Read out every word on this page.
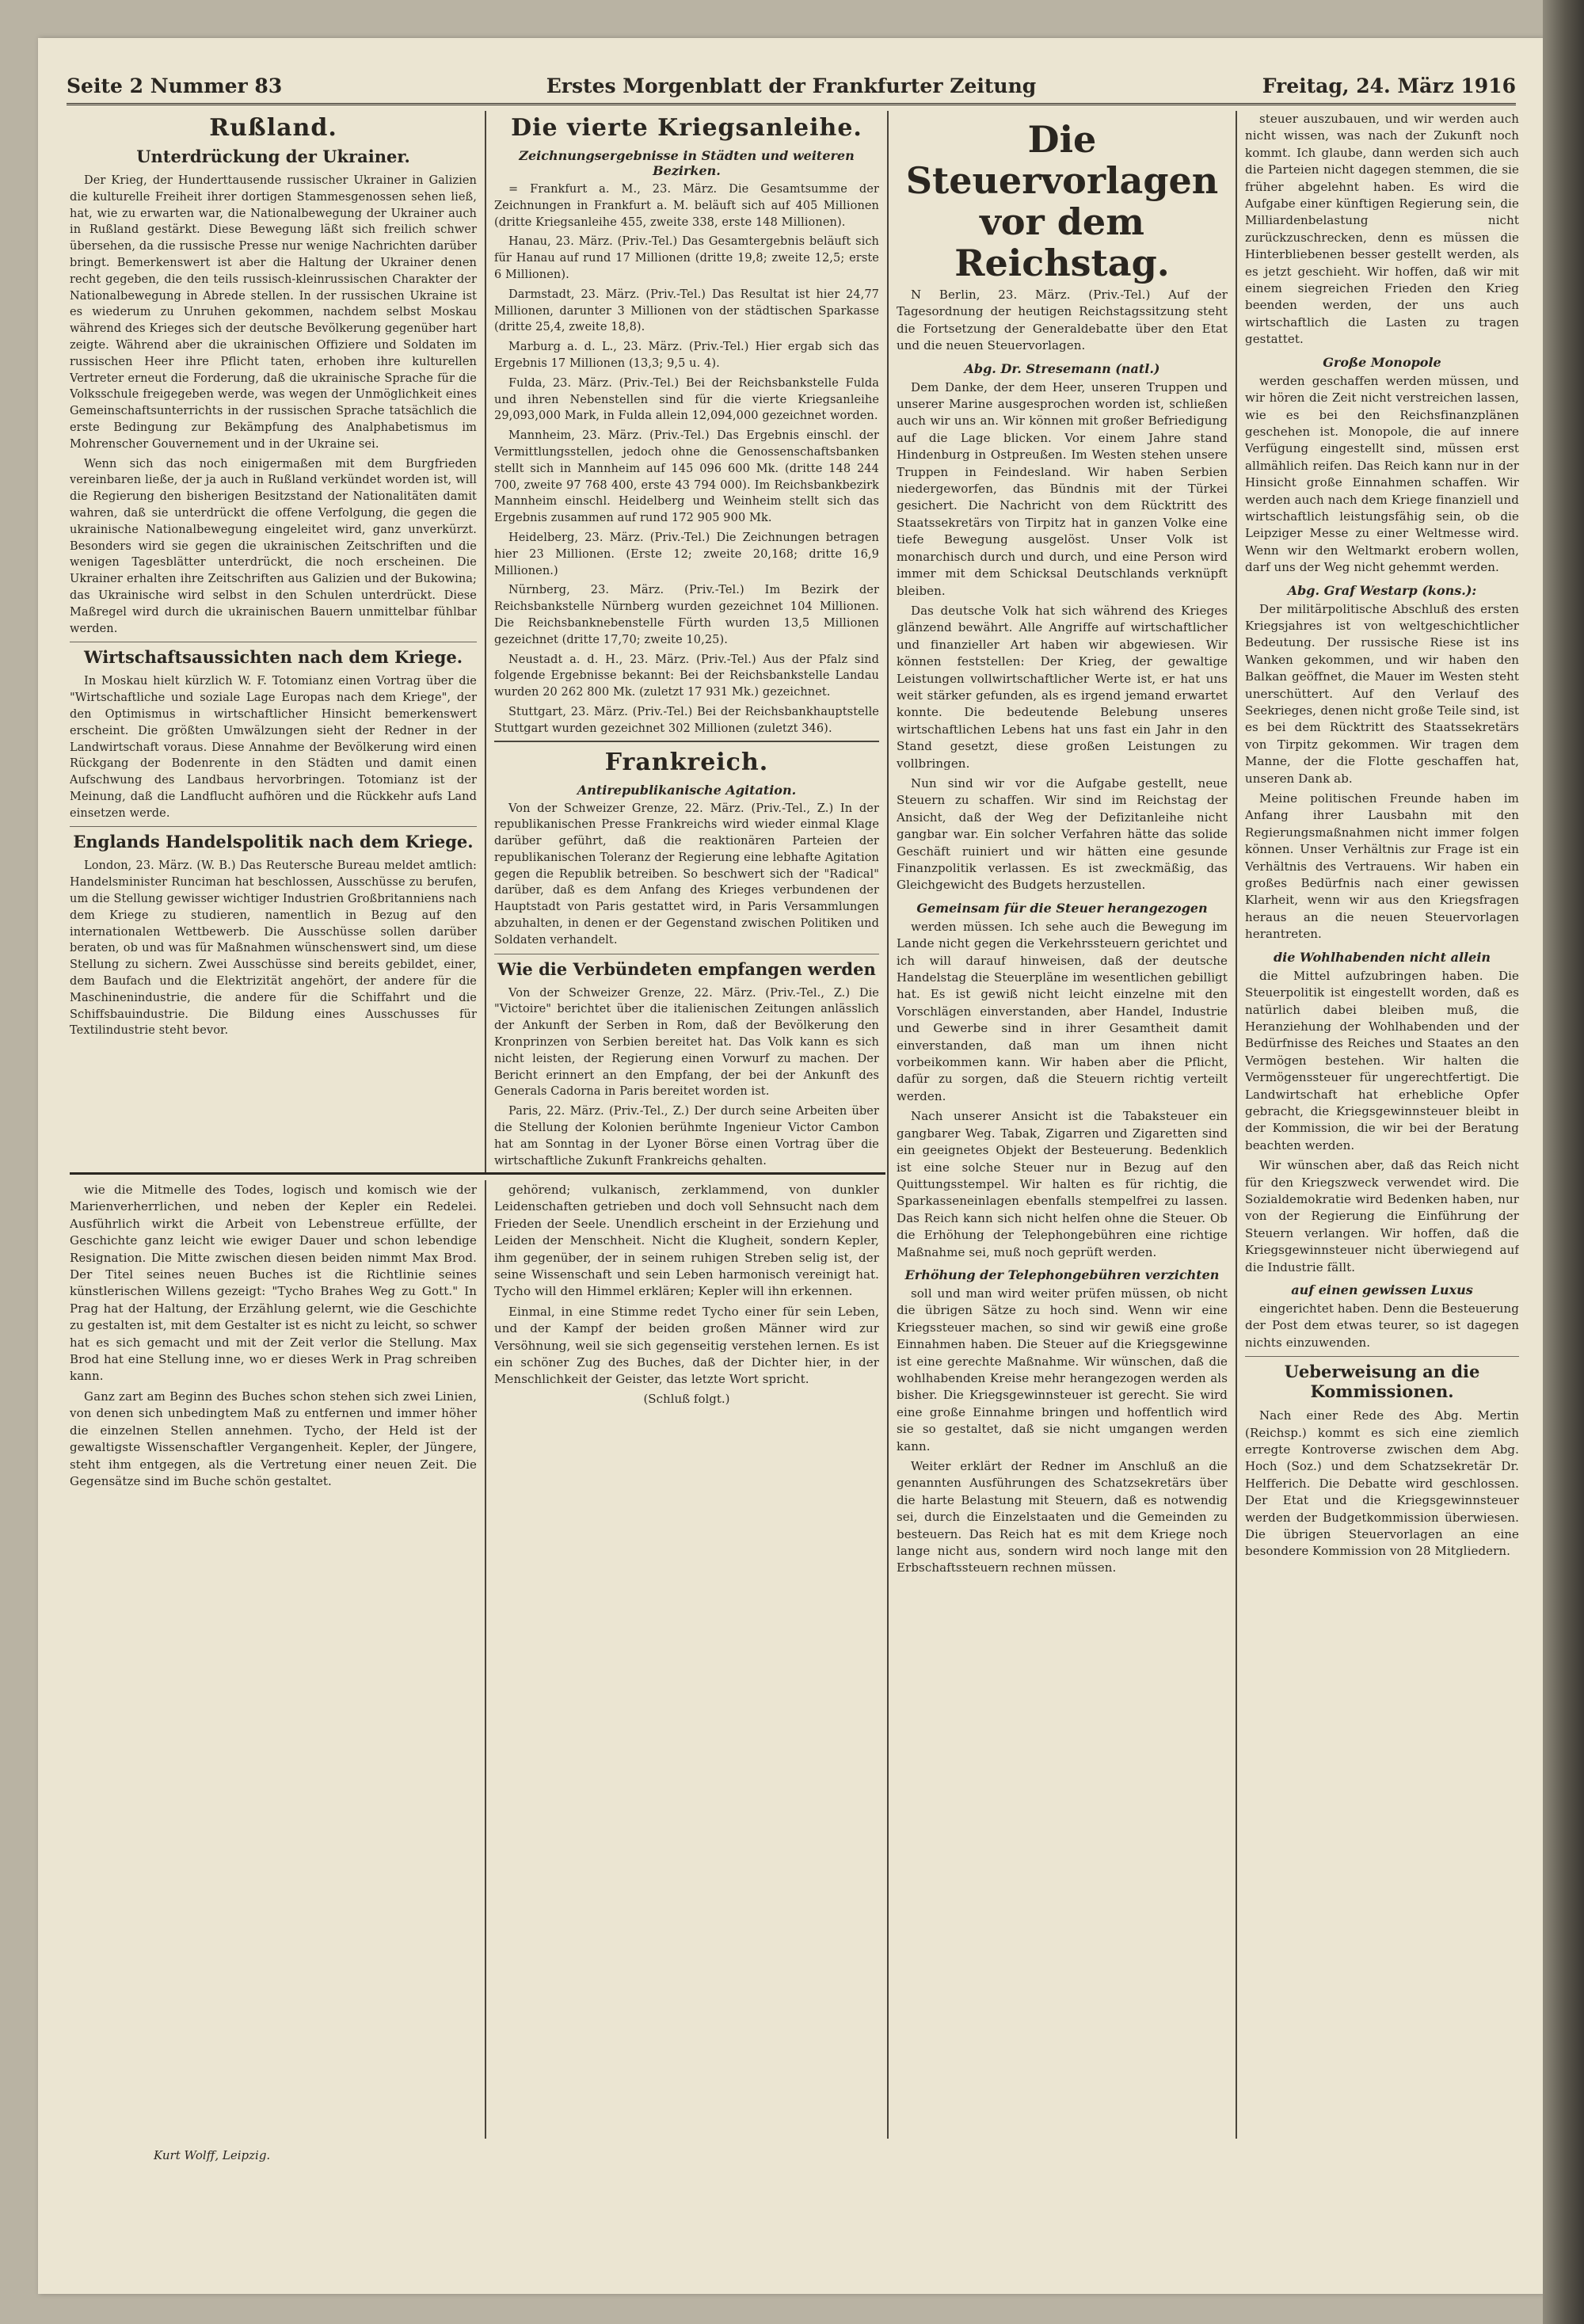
Seite 2 Nummer 83	Erstes Morgenblatt der Frankfurter Zeitung	Freitag, 24. März 1916
Rußland.
Unterdrückung der Ukrainer.

Der Krieg, der Hunderttausende russischer Ukrainer in Galizien die kulturelle Freiheit ihrer dortigen Stammesgenossen sehen ließ, hat, wie zu erwarten war, die Nationalbewegung der Ukrainer auch in Rußland gestärkt. Diese Bewegung läßt sich freilich schwer übersehen, da die russische Presse nur wenige Nachrichten darüber bringt. Bemerkenswert ist aber die Haltung der Ukrainer denen recht gegeben, die den teils russisch-kleinrussischen Charakter der Nationalbewegung in Abrede stellen. In der russischen Ukraine ist es wiederum zu Unruhen gekommen, nachdem selbst Moskau während des Krieges sich der deutsche Bevölkerung gegenüber hart zeigte. Während aber die ukrainischen Offiziere und Soldaten im russischen Heer ihre Pflicht taten, erhoben ihre kulturellen Vertreter erneut die Forderung, daß die ukrainische Sprache für die Volksschule freigegeben werde, was wegen der Unmöglichkeit eines Gemeinschaftsunterrichts in der russischen Sprache tatsächlich die erste Bedingung zur Bekämpfung des Analphabetismus im Mohrenscher Gouvernement und in der Ukraine sei.

Wenn sich das noch einigermaßen mit dem Burgfrieden vereinbaren ließe, der ja auch in Rußland verkündet worden ist, will die Regierung den bisherigen Besitzstand der Nationalitäten damit wahren, daß sie unterdrückt die offene Verfolgung, die gegen die ukrainische Nationalbewegung eingeleitet wird, ganz unverkürzt. Besonders wird sie gegen die ukrainischen Zeitschriften und die wenigen Tagesblätter unterdrückt, die noch erscheinen. Die Ukrainer erhalten ihre Zeitschriften aus Galizien und der Bukowina; das Ukrainische wird selbst in den Schulen unterdrückt. Diese Maßregel wird durch die ukrainischen Bauern unmittelbar fühlbar werden.

Wirtschaftsaussichten nach dem Kriege.

In Moskau hielt kürzlich W. F. Totomianz einen Vortrag über die "Wirtschaftliche und soziale Lage Europas nach dem Kriege", der den Optimismus in wirtschaftlicher Hinsicht bemerkenswert erscheint. Die größten Umwälzungen sieht der Redner in der Landwirtschaft voraus. Diese Annahme der Bevölkerung wird einen Rückgang der Bodenrente in den Städten und damit einen Aufschwung des Landbaus hervorbringen. Totomianz ist der Meinung, daß die Landflucht aufhören und die Rückkehr aufs Land einsetzen werde.

Englands Handelspolitik nach dem Kriege.

London, 23. März. (W. B.) Das Reutersche Bureau meldet amtlich: Handelsminister Runciman hat beschlossen, Ausschüsse zu berufen, um die Stellung gewisser wichtiger Industrien Großbritanniens nach dem Kriege zu studieren, namentlich in Bezug auf den internationalen Wettbewerb. Die Ausschüsse sollen darüber beraten, ob und was für Maßnahmen wünschenswert sind, um diese Stellung zu sichern. Zwei Ausschüsse sind bereits gebildet, einer, dem Baufach und die Elektrizität angehört, der andere für die Maschinenindustrie, die andere für die Schiffahrt und die Schiffsbauindustrie. Die Bildung eines Ausschusses für Textilindustrie steht bevor.

Die vierte Kriegsanleihe.
Zeichnungsergebnisse in Städten und weiteren Bezirken.

= Frankfurt a. M., 23. März. Die Gesamtsumme der Zeichnungen in Frankfurt a. M. beläuft sich auf 405 Millionen (dritte Kriegsanleihe 455, zweite 338, erste 148 Millionen).

Hanau, 23. März. (Priv.-Tel.) Das Gesamtergebnis beläuft sich für Hanau auf rund 17 Millionen (dritte 19,8; zweite 12,5; erste 6 Millionen).

Darmstadt, 23. März. (Priv.-Tel.) Das Resultat ist hier 24,77 Millionen, darunter 3 Millionen von der städtischen Sparkasse (dritte 25,4, zweite 18,8).

Marburg a. d. L., 23. März. (Priv.-Tel.) Hier ergab sich das Ergebnis 17 Millionen (13,3; 9,5 u. 4).

Fulda, 23. März. (Priv.-Tel.) Bei der Reichsbankstelle Fulda und ihren Nebenstellen sind für die vierte Kriegsanleihe 29,093,000 Mark, in Fulda allein 12,094,000 gezeichnet worden.

Mannheim, 23. März. (Priv.-Tel.) Das Ergebnis einschl. der Vermittlungsstellen, jedoch ohne die Genossenschaftsbanken stellt sich in Mannheim auf 145 096 600 Mk. (dritte 148 244 700, zweite 97 768 400, erste 43 794 000). Im Reichsbankbezirk Mannheim einschl. Heidelberg und Weinheim stellt sich das Ergebnis zusammen auf rund 172 905 900 Mk.

Heidelberg, 23. März. (Priv.-Tel.) Die Zeichnungen betragen hier 23 Millionen. (Erste 12; zweite 20,168; dritte 16,9 Millionen.)

Nürnberg, 23. März. (Priv.-Tel.) Im Bezirk der Reichsbankstelle Nürnberg wurden gezeichnet 104 Millionen. Die Reichsbanknebenstelle Fürth wurden 13,5 Millionen gezeichnet (dritte 17,70; zweite 10,25).

Neustadt a. d. H., 23. März. (Priv.-Tel.) Aus der Pfalz sind folgende Ergebnisse bekannt: Bei der Reichsbankstelle Landau wurden 20 262 800 Mk. (zuletzt 17 931 Mk.) gezeichnet.

Stuttgart, 23. März. (Priv.-Tel.) Bei der Reichsbankhauptstelle Stuttgart wurden gezeichnet 302 Millionen (zuletzt 346).

Frankreich.
Antirepublikanische Agitation.

Von der Schweizer Grenze, 22. März. (Priv.-Tel., Z.) In der republikanischen Presse Frankreichs wird wieder einmal Klage darüber geführt, daß die reaktionären Parteien der republikanischen Toleranz der Regierung eine lebhafte Agitation gegen die Republik betreiben. So beschwert sich der "Radical" darüber, daß es dem Anfang des Krieges verbundenen der Hauptstadt von Paris gestattet wird, in Paris Versammlungen abzuhalten, in denen er der Gegenstand zwischen Politiken und Soldaten verhandelt.

Wie die Verbündeten empfangen werden

Von der Schweizer Grenze, 22. März. (Priv.-Tel., Z.) Die "Victoire" berichtet über die italienischen Zeitungen anlässlich der Ankunft der Serben in Rom, daß der Bevölkerung den Kronprinzen von Serbien bereitet hat. Das Volk kann es sich nicht leisten, der Regierung einen Vorwurf zu machen. Der Bericht erinnert an den Empfang, der bei der Ankunft des Generals Cadorna in Paris bereitet worden ist.

Paris, 22. März. (Priv.-Tel., Z.) Der durch seine Arbeiten über die Stellung der Kolonien berühmte Ingenieur Victor Cambon hat am Sonntag in der Lyoner Börse einen Vortrag über die wirtschaftliche Zukunft Frankreichs gehalten.

Die Steuervorlagen vor dem Reichstag.

N Berlin, 23. März. (Priv.-Tel.) Auf der Tagesordnung der heutigen Reichstagssitzung steht die Fortsetzung der Generaldebatte über den Etat und die neuen Steuervorlagen.

Abg. Dr. Stresemann (natl.)

Dem Danke, der dem Heer, unseren Truppen und unserer Marine ausgesprochen worden ist, schließen auch wir uns an. Wir können mit großer Befriedigung auf die Lage blicken. Vor einem Jahre stand Hindenburg in Ostpreußen. Im Westen stehen unsere Truppen in Feindesland. Wir haben Serbien niedergeworfen, das Bündnis mit der Türkei gesichert. Die Nachricht von dem Rücktritt des Staatssekretärs von Tirpitz hat in ganzen Volke eine tiefe Bewegung ausgelöst. Unser Volk ist monarchisch durch und durch, und eine Person wird immer mit dem Schicksal Deutschlands verknüpft bleiben.

Das deutsche Volk hat sich während des Krieges glänzend bewährt. Alle Angriffe auf wirtschaftlicher und finanzieller Art haben wir abgewiesen. Wir können feststellen: Der Krieg, der gewaltige Leistungen vollwirtschaftlicher Werte ist, er hat uns weit stärker gefunden, als es irgend jemand erwartet konnte. Die bedeutende Belebung unseres wirtschaftlichen Lebens hat uns fast ein Jahr in den Stand gesetzt, diese großen Leistungen zu vollbringen.

Nun sind wir vor die Aufgabe gestellt, neue Steuern zu schaffen. Wir sind im Reichstag der Ansicht, daß der Weg der Defizitanleihe nicht gangbar war. Ein solcher Verfahren hätte das solide Geschäft ruiniert und wir hätten eine gesunde Finanzpolitik verlassen. Es ist zweckmäßig, das Gleichgewicht des Budgets herzustellen.

Gemeinsam für die Steuer herangezogen

werden müssen. Ich sehe auch die Bewegung im Lande nicht gegen die Verkehrssteuern gerichtet und ich will darauf hinweisen, daß der deutsche Handelstag die Steuerpläne im wesentlichen gebilligt hat. Es ist gewiß nicht leicht einzelne mit den Vorschlägen einverstanden, aber Handel, Industrie und Gewerbe sind in ihrer Gesamtheit damit einverstanden, daß man um ihnen nicht vorbeikommen kann. Wir haben aber die Pflicht, dafür zu sorgen, daß die Steuern richtig verteilt werden.

Nach unserer Ansicht ist die Tabaksteuer ein gangbarer Weg. Tabak, Zigarren und Zigaretten sind ein geeignetes Objekt der Besteuerung. Bedenklich ist eine solche Steuer nur in Bezug auf den Quittungsstempel. Wir halten es für richtig, die Sparkasseneinlagen ebenfalls stempelfrei zu lassen. Das Reich kann sich nicht helfen ohne die Steuer. Ob die Erhöhung der Telephongebühren eine richtige Maßnahme sei, muß noch geprüft werden.

Erhöhung der Telephongebühren verzichten

soll und man wird weiter prüfen müssen, ob nicht die übrigen Sätze zu hoch sind. Wenn wir eine Kriegssteuer machen, so sind wir gewiß eine große Einnahmen haben. Die Steuer auf die Kriegsgewinne ist eine gerechte Maßnahme. Wir wünschen, daß die wohlhabenden Kreise mehr herangezogen werden als bisher. Die Kriegsgewinnsteuer ist gerecht. Sie wird eine große Einnahme bringen und hoffentlich wird sie so gestaltet, daß sie nicht umgangen werden kann.

Weiter erklärt der Redner im Anschluß an die genannten Ausführungen des Schatzsekretärs über die harte Belastung mit Steuern, daß es notwendig sei, durch die Einzelstaaten und die Gemeinden zu besteuern. Das Reich hat es mit dem Kriege noch lange nicht aus, sondern wird noch lange mit den Erbschaftssteuern rechnen müssen.

steuer auszubauen, und wir werden auch nicht wissen, was nach der Zukunft noch kommt. Ich glaube, dann werden sich auch die Parteien nicht dagegen stemmen, die sie früher abgelehnt haben. Es wird die Aufgabe einer künftigen Regierung sein, die Milliardenbelastung nicht zurückzuschrecken, denn es müssen die Hinterbliebenen besser gestellt werden, als es jetzt geschieht. Wir hoffen, daß wir mit einem siegreichen Frieden den Krieg beenden werden, der uns auch wirtschaftlich die Lasten zu tragen gestattet.

Große Monopole

werden geschaffen werden müssen, und wir hören die Zeit nicht verstreichen lassen, wie es bei den Reichsfinanzplänen geschehen ist. Monopole, die auf innere Verfügung eingestellt sind, müssen erst allmählich reifen. Das Reich kann nur in der Hinsicht große Einnahmen schaffen. Wir werden auch nach dem Kriege finanziell und wirtschaftlich leistungsfähig sein, ob die Leipziger Messe zu einer Weltmesse wird. Wenn wir den Weltmarkt erobern wollen, darf uns der Weg nicht gehemmt werden.

Abg. Graf Westarp (kons.):

Der militärpolitische Abschluß des ersten Kriegsjahres ist von weltgeschichtlicher Bedeutung. Der russische Riese ist ins Wanken gekommen, und wir haben den Balkan geöffnet, die Mauer im Westen steht unerschüttert. Auf den Verlauf des Seekrieges, denen nicht große Teile sind, ist es bei dem Rücktritt des Staatssekretärs von Tirpitz gekommen. Wir tragen dem Manne, der die Flotte geschaffen hat, unseren Dank ab.

Meine politischen Freunde haben im Anfang ihrer Lausbahn mit den Regierungsmaßnahmen nicht immer folgen können. Unser Verhältnis zur Frage ist ein Verhältnis des Vertrauens. Wir haben ein großes Bedürfnis nach einer gewissen Klarheit, wenn wir aus den Kriegsfragen heraus an die neuen Steuervorlagen herantreten.

die Wohlhabenden nicht allein

die Mittel aufzubringen haben. Die Steuerpolitik ist eingestellt worden, daß es natürlich dabei bleiben muß, die Heranziehung der Wohlhabenden und der Bedürfnisse des Reiches und Staates an den Vermögen bestehen. Wir halten die Vermögenssteuer für ungerechtfertigt. Die Landwirtschaft hat erhebliche Opfer gebracht, die Kriegsgewinnsteuer bleibt in der Kommission, die wir bei der Beratung beachten werden.

Wir wünschen aber, daß das Reich nicht für den Kriegszweck verwendet wird. Die Sozialdemokratie wird Bedenken haben, nur von der Regierung die Einführung der Steuern verlangen. Wir hoffen, daß die Kriegsgewinnsteuer nicht überwiegend auf die Industrie fällt.

auf einen gewissen Luxus

eingerichtet haben. Denn die Besteuerung der Post dem etwas teurer, so ist dagegen nichts einzuwenden.

Ueberweisung an die Kommissionen.

Nach einer Rede des Abg. Mertin (Reichsp.) kommt es sich eine ziemlich erregte Kontroverse zwischen dem Abg. Hoch (Soz.) und dem Schatzsekretär Dr. Helfferich. Die Debatte wird geschlossen. Der Etat und die Kriegsgewinnsteuer werden der Budgetkommission überwiesen. Die übrigen Steuervorlagen an eine besondere Kommission von 28 Mitgliedern.

wie die Mitmelle des Todes, logisch und komisch wie der Marienverherrlichen, und neben der Kepler ein Redelei. Ausführlich wirkt die Arbeit von Lebenstreue erfüllte, der Geschichte ganz leicht wie ewiger Dauer und schon lebendige Resignation. Die Mitte zwischen diesen beiden nimmt Max Brod. Der Titel seines neuen Buches ist die Richtlinie seines künstlerischen Willens gezeigt: "Tycho Brahes Weg zu Gott." In Prag hat der Haltung, der Erzählung gelernt, wie die Geschichte zu gestalten ist, mit dem Gestalter ist es nicht zu leicht, so schwer hat es sich gemacht und mit der Zeit verlor die Stellung. Max Brod hat eine Stellung inne, wo er dieses Werk in Prag schreiben kann.

Ganz zart am Beginn des Buches schon stehen sich zwei Linien, von denen sich unbedingtem Maß zu entfernen und immer höher die einzelnen Stellen annehmen. Tycho, der Held ist der gewaltigste Wissenschaftler Vergangenheit. Kepler, der Jüngere, steht ihm entgegen, als die Vertretung einer neuen Zeit. Die Gegensätze sind im Buche schön gestaltet.

gehörend; vulkanisch, zerklammend, von dunkler Leidenschaften getrieben und doch voll Sehnsucht nach dem Frieden der Seele. Unendlich erscheint in der Erziehung und Leiden der Menschheit. Nicht die Klugheit, sondern Kepler, ihm gegenüber, der in seinem ruhigen Streben selig ist, der seine Wissenschaft und sein Leben harmonisch vereinigt hat. Tycho will den Himmel erklären; Kepler will ihn erkennen.

Einmal, in eine Stimme redet Tycho einer für sein Leben, und der Kampf der beiden großen Männer wird zur Versöhnung, weil sie sich gegenseitig verstehen lernen. Es ist ein schöner Zug des Buches, daß der Dichter hier, in der Menschlichkeit der Geister, das letzte Wort spricht.

(Schluß folgt.)
Kurt Wolff, Leipzig.
